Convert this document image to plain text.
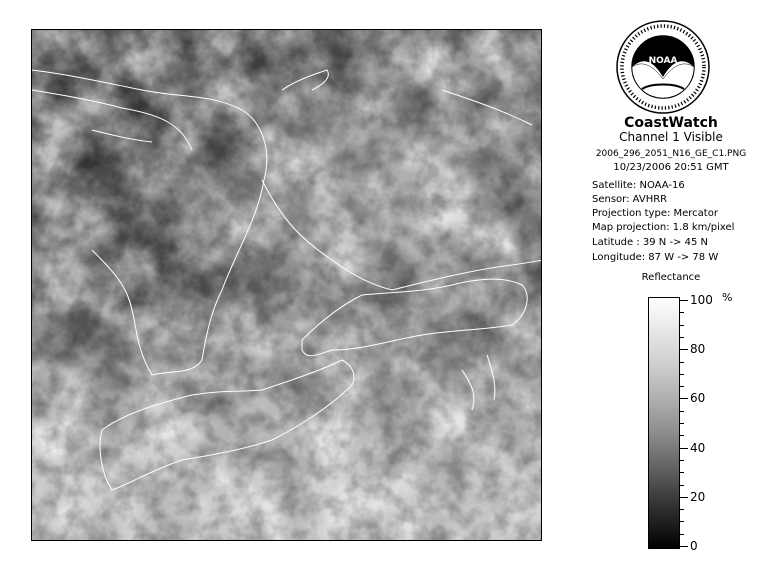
NOAA
CoastWatch
Channel 1 Visible
2006_296_2051_N16_GE_C1.PNG
10/23/2006 20:51 GMT
Satellite: NOAA-16
Sensor: AVHRR
Projection type: Mercator
Map projection: 1.8 km/pixel
Latitude : 39 N -> 45 N
Longitude: 87 W -> 78 W
Reflectance
%
100
80
60
40
20
0
